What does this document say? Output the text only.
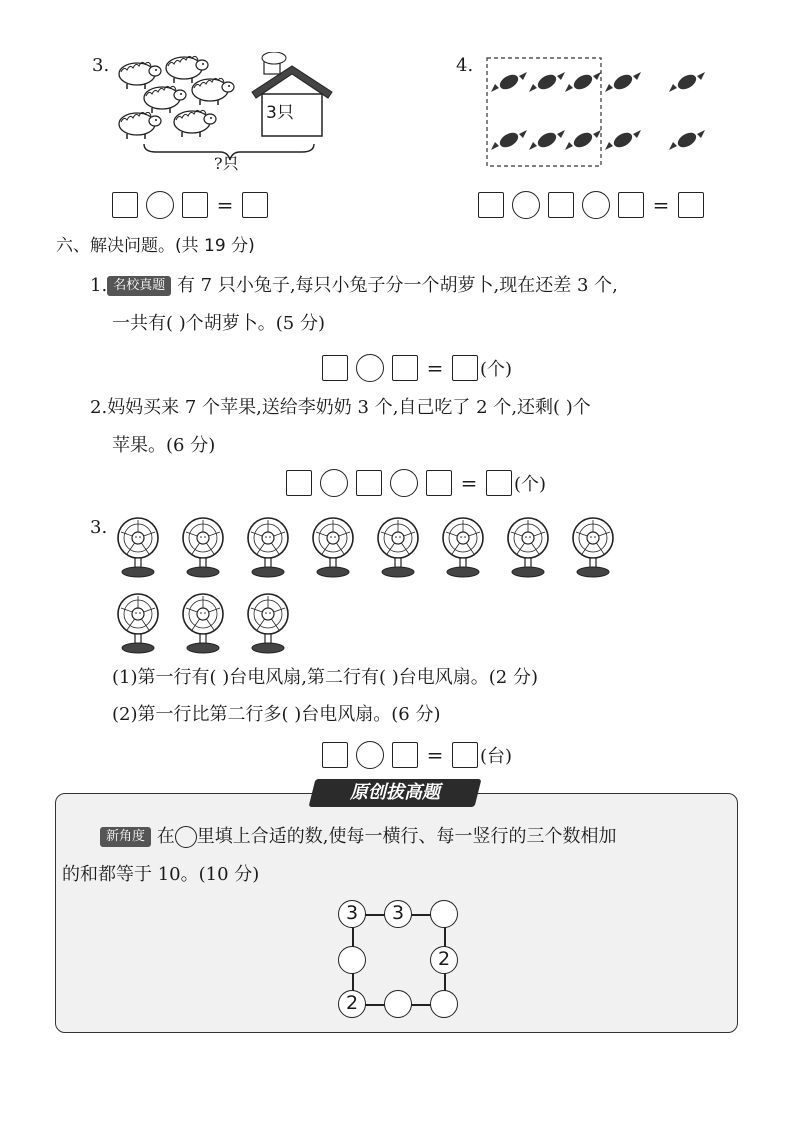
3.
3只
?只
=
4.
=
六、解决问题。(共 19 分)
1. 名校真题 有 7 只小兔子,每只小兔子分一个胡萝卜,现在还差 3 个,
一共有( )个胡萝卜。(5 分)
= (个)
2.妈妈买来 7 个苹果,送给李奶奶 3 个,自己吃了 2 个,还剩( )个
苹果。(6 分)
= (个)
3.
(1)第一行有( )台电风扇,第二行有( )台电风扇。(2 分)
(2)第一行比第二行多( )台电风扇。(6 分)
= (台)
原创拔高题
新角度 在 里填上合适的数,使每一横行、每一竖行的三个数相加
的和都等于 10。(10 分)
3	3
2
2
